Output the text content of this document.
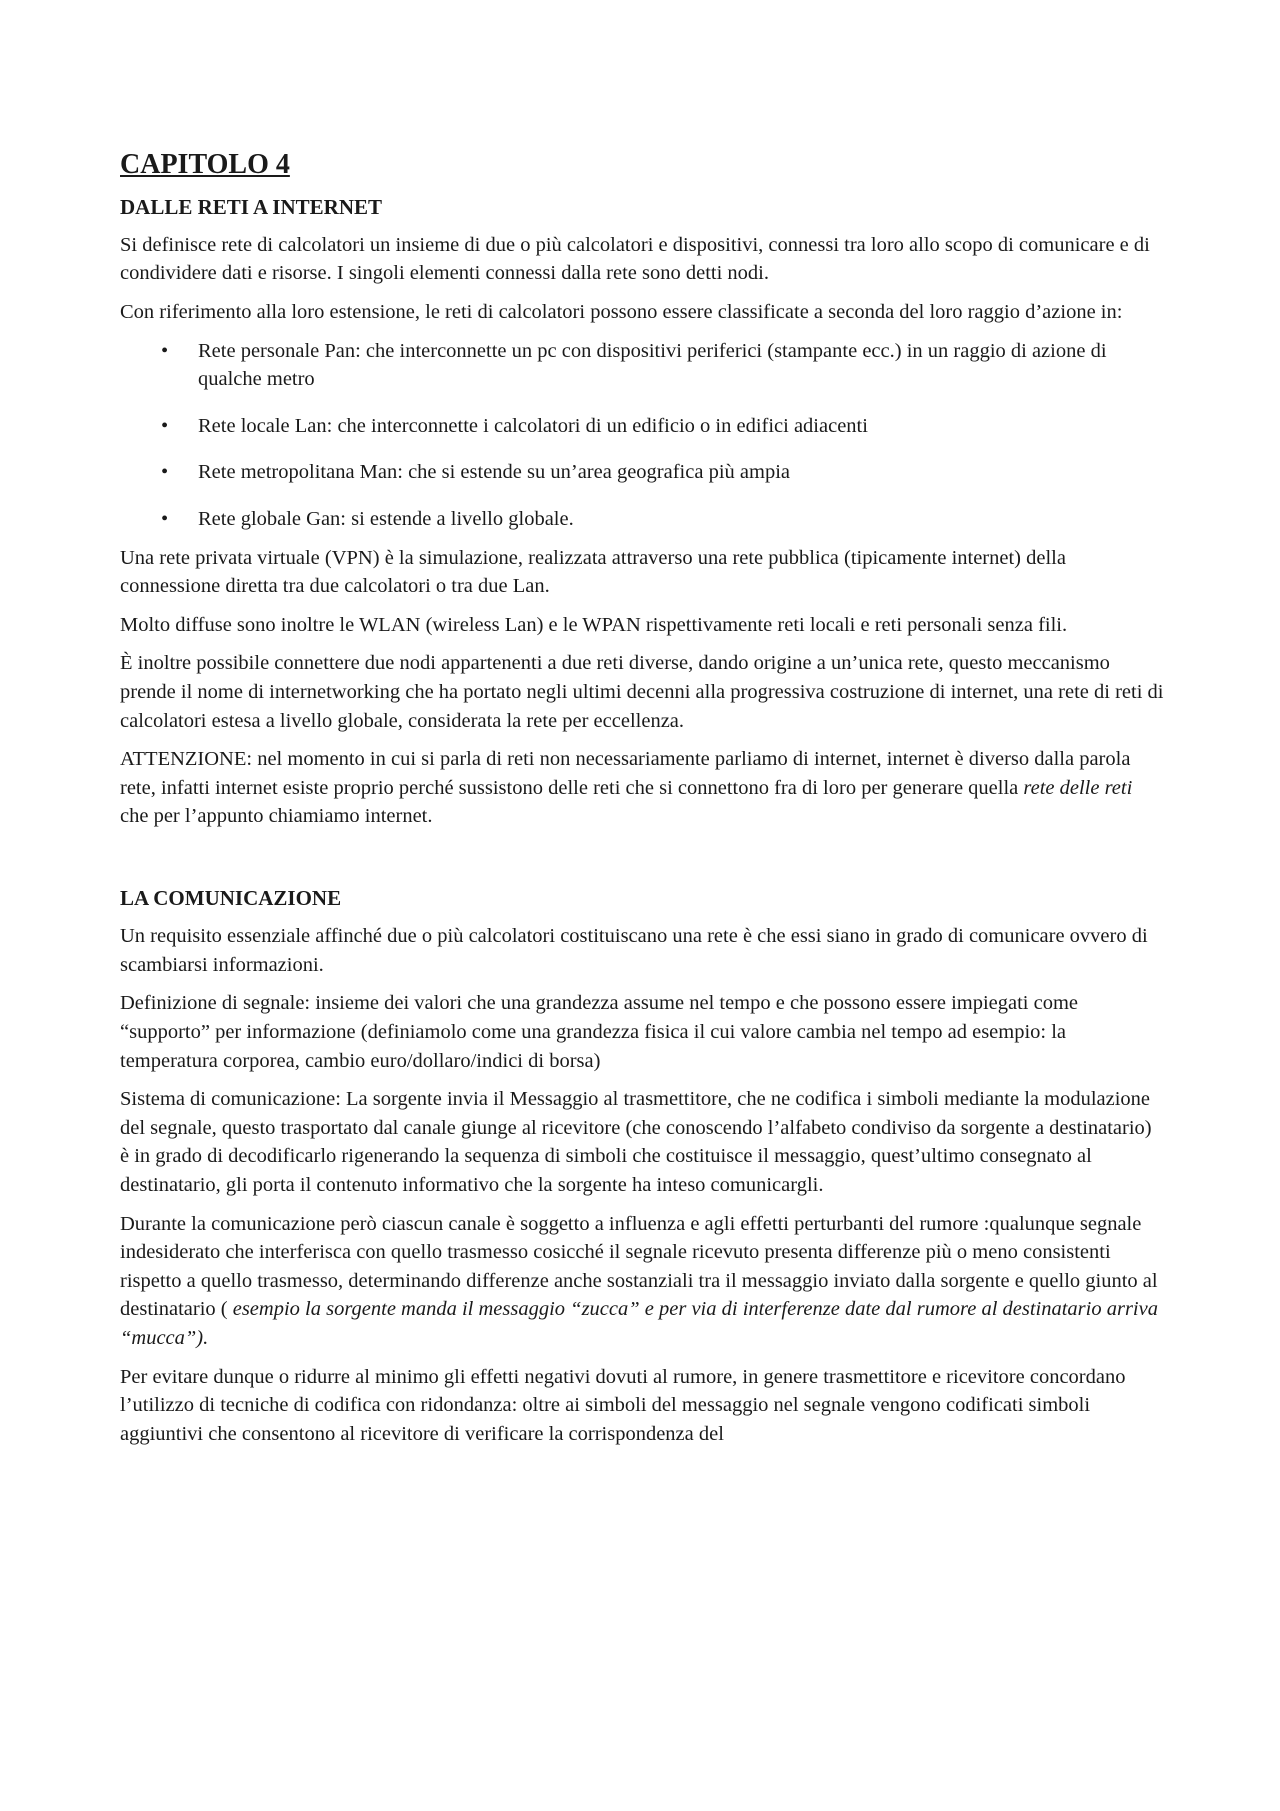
CAPITOLO 4
DALLE RETI A INTERNET

Si definisce rete di calcolatori un insieme di due o più calcolatori e dispositivi, connessi tra loro allo scopo di comunicare e di condividere dati e risorse. I singoli elementi connessi dalla rete sono detti nodi.

Con riferimento alla loro estensione, le reti di calcolatori possono essere classificate a seconda del loro raggio d’azione in:

• Rete personale Pan: che interconnette un pc con dispositivi periferici (stampante ecc.) in un raggio di azione di qualche metro
• Rete locale Lan: che interconnette i calcolatori di un edificio o in edifici adiacenti
• Rete metropolitana Man: che si estende su un’area geografica più ampia
• Rete globale Gan: si estende a livello globale.

Una rete privata virtuale (VPN) è la simulazione, realizzata attraverso una rete pubblica (tipicamente internet) della connessione diretta tra due calcolatori o tra due Lan.

Molto diffuse sono inoltre le WLAN (wireless Lan) e le WPAN rispettivamente reti locali e reti personali senza fili.

È inoltre possibile connettere due nodi appartenenti a due reti diverse, dando origine a un’unica rete, questo meccanismo prende il nome di internetworking che ha portato negli ultimi decenni alla progressiva costruzione di internet, una rete di reti di calcolatori estesa a livello globale, considerata la rete per eccellenza.

ATTENZIONE: nel momento in cui si parla di reti non necessariamente parliamo di internet, internet è diverso dalla parola rete, infatti internet esiste proprio perché sussistono delle reti che si connettono fra di loro per generare quella rete delle reti che per l’appunto chiamiamo internet.

LA COMUNICAZIONE

Un requisito essenziale affinché due o più calcolatori costituiscano una rete è che essi siano in grado di comunicare ovvero di scambiarsi informazioni.

Definizione di segnale: insieme dei valori che una grandezza assume nel tempo e che possono essere impiegati come “supporto” per informazione (definiamolo come una grandezza fisica il cui valore cambia nel tempo ad esempio: la temperatura corporea, cambio euro/dollaro/indici di borsa)

Sistema di comunicazione: La sorgente invia il Messaggio al trasmettitore, che ne codifica i simboli mediante la modulazione del segnale, questo trasportato dal canale giunge al ricevitore (che conoscendo l’alfabeto condiviso da sorgente a destinatario) è in grado di decodificarlo rigenerando la sequenza di simboli che costituisce il messaggio, quest’ultimo consegnato al destinatario, gli porta il contenuto informativo che la sorgente ha inteso comunicargli.

Durante la comunicazione però ciascun canale è soggetto a influenza e agli effetti perturbanti del rumore :qualunque segnale indesiderato che interferisca con quello trasmesso cosicché il segnale ricevuto presenta differenze più o meno consistenti rispetto a quello trasmesso, determinando differenze anche sostanziali tra il messaggio inviato dalla sorgente e quello giunto al destinatario ( esempio la sorgente manda il messaggio “zucca” e per via di interferenze date dal rumore al destinatario arriva “mucca”).

Per evitare dunque o ridurre al minimo gli effetti negativi dovuti al rumore, in genere trasmettitore e ricevitore concordano l’utilizzo di tecniche di codifica con ridondanza: oltre ai simboli del messaggio nel segnale vengono codificati simboli aggiuntivi che consentono al ricevitore di verificare la corrispondenza del
